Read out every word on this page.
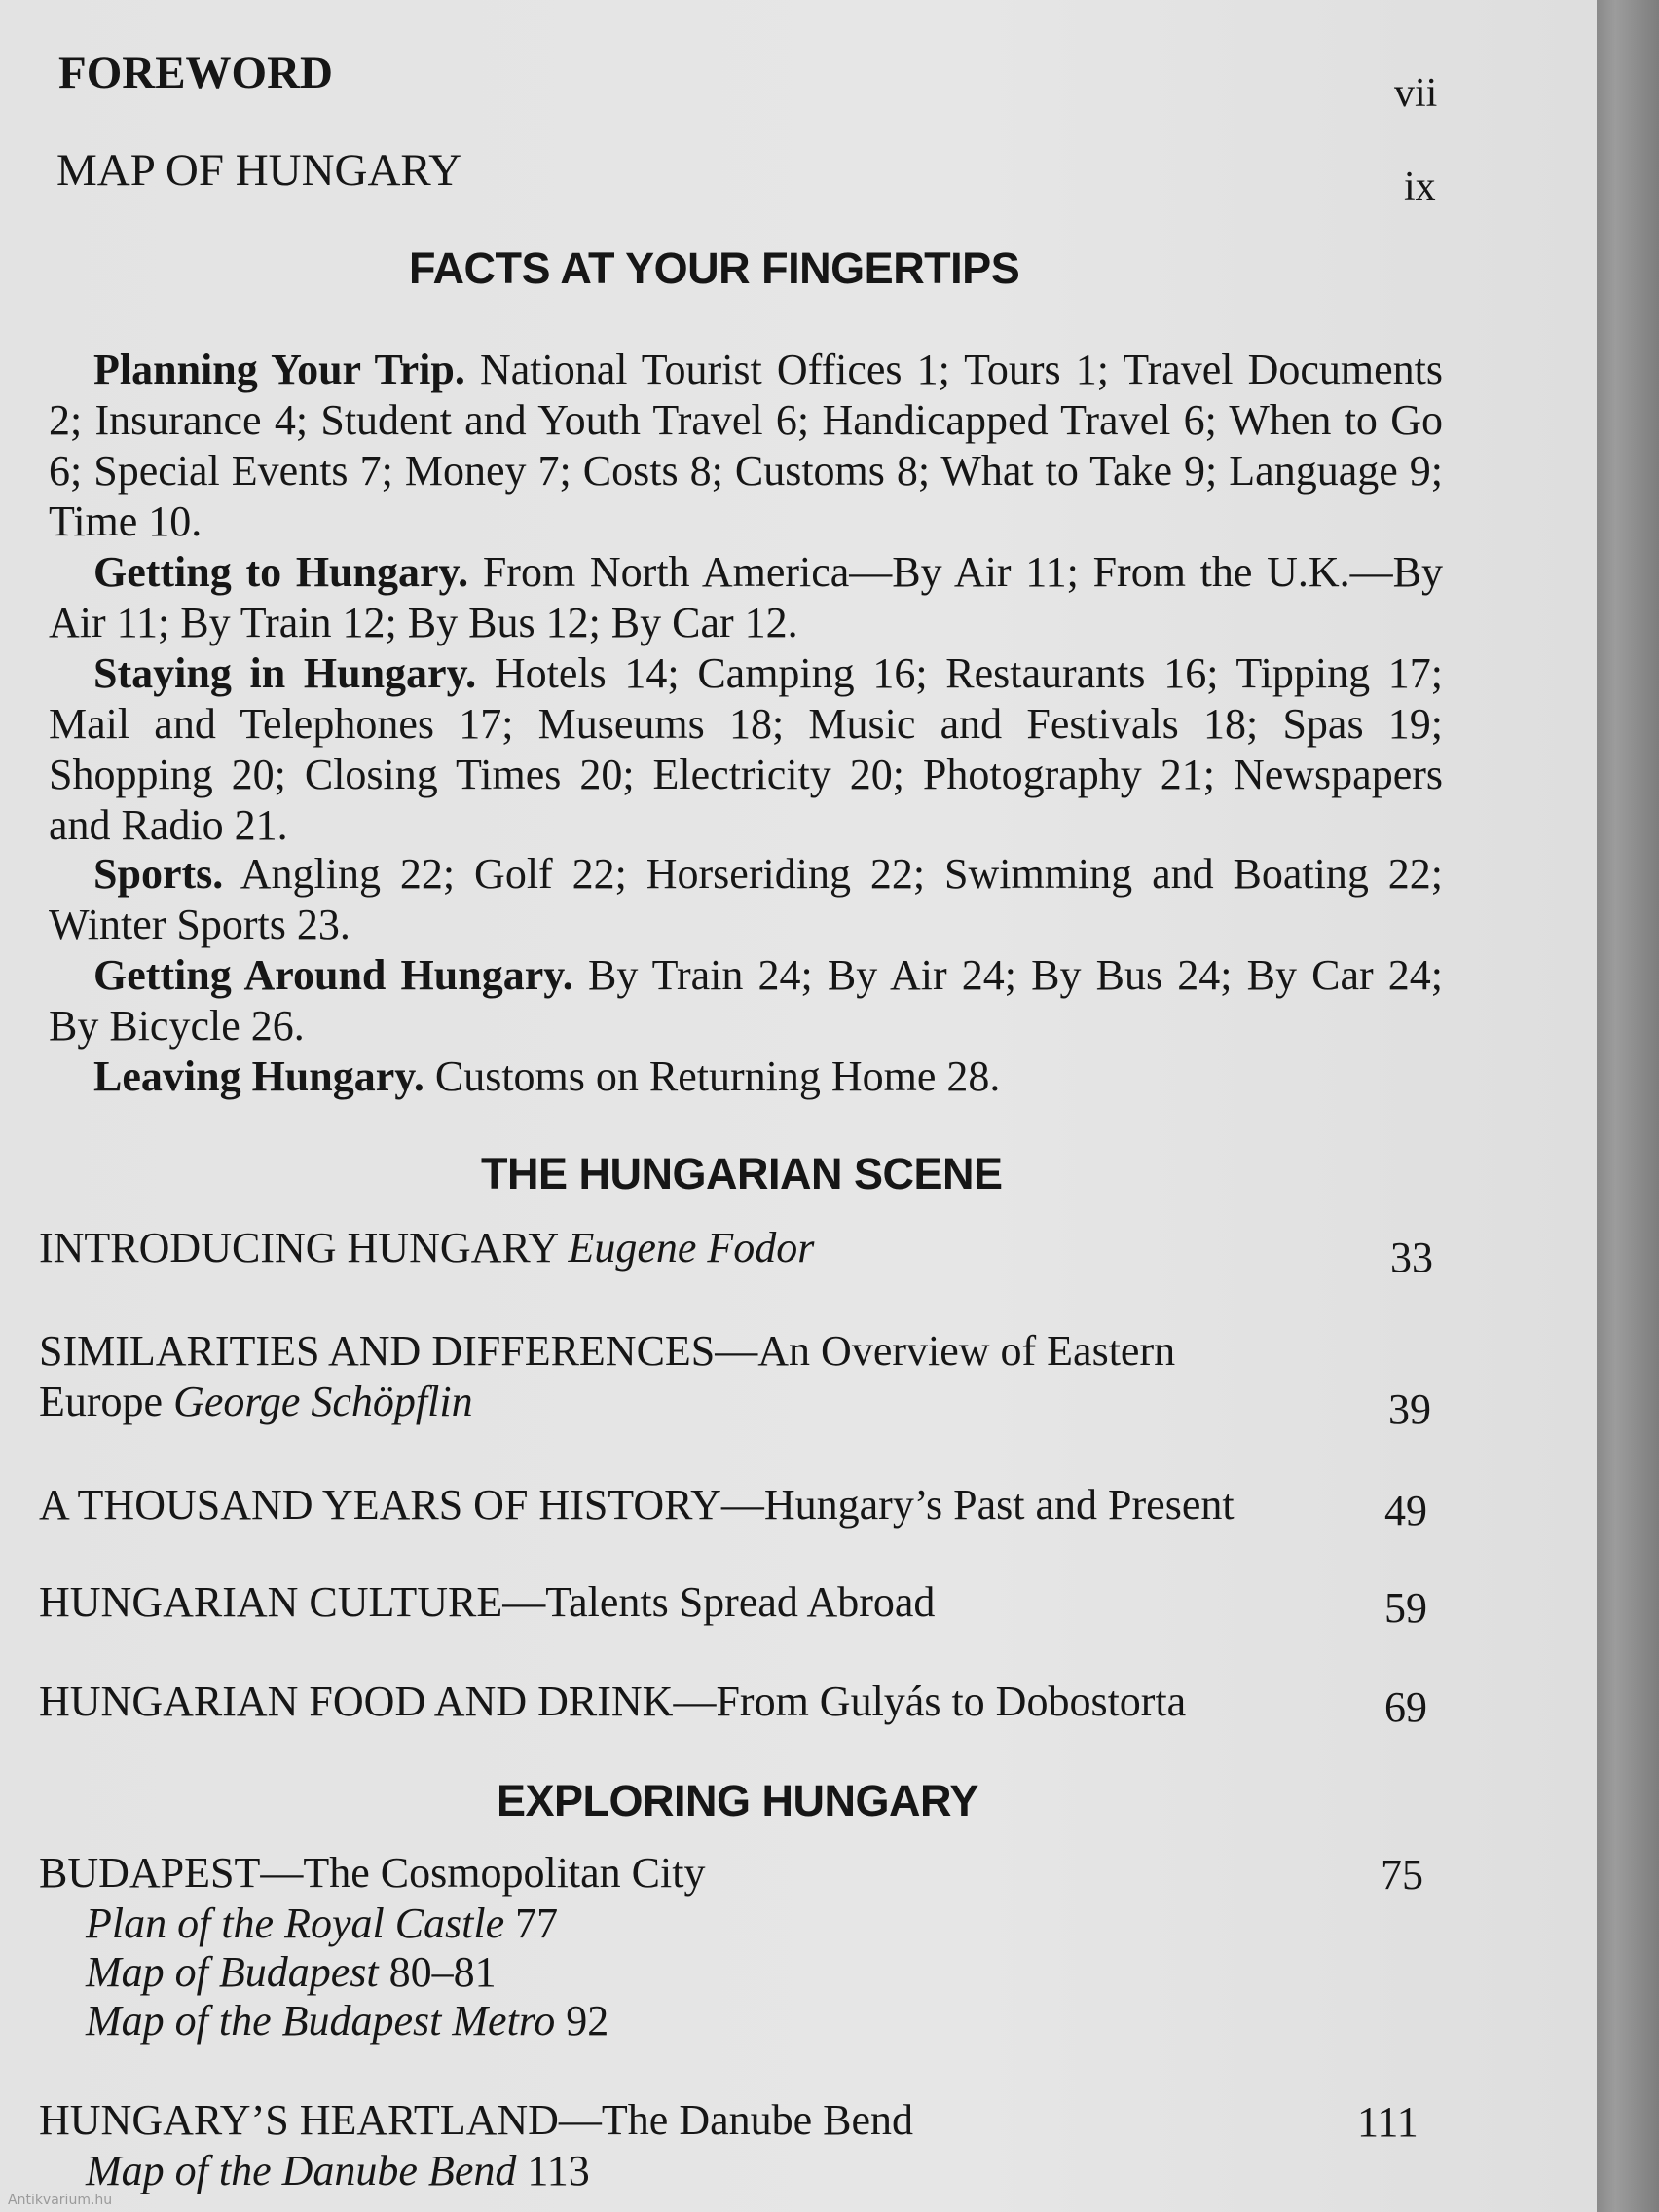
FOREWORD	vii
MAP OF HUNGARY	ix
FACTS AT YOUR FINGERTIPS
Planning Your Trip. National Tourist Offices 1; Tours 1; Travel Documents 2; Insurance 4; Student and Youth Travel 6; Handicapped Travel 6; When to Go 6; Special Events 7; Money 7; Costs 8; Customs 8; What to Take 9; Language 9; Time 10.
Getting to Hungary. From North America—By Air 11; From the U.K.—By Air 11; By Train 12; By Bus 12; By Car 12.
Staying in Hungary. Hotels 14; Camping 16; Restaurants 16; Tipping 17; Mail and Telephones 17; Museums 18; Music and Festivals 18; Spas 19; Shopping 20; Closing Times 20; Electricity 20; Photography 21; Newspapers and Radio 21.
Sports. Angling 22; Golf 22; Horseriding 22; Swimming and Boating 22; Winter Sports 23.
Getting Around Hungary. By Train 24; By Air 24; By Bus 24; By Car 24; By Bicycle 26.
Leaving Hungary. Customs on Returning Home 28.
THE HUNGARIAN SCENE
INTRODUCING HUNGARY Eugene Fodor	33
SIMILARITIES AND DIFFERENCES—An Overview of Eastern
Europe George Schöpflin	39
A THOUSAND YEARS OF HISTORY—Hungary’s Past and Present	49
HUNGARIAN CULTURE—Talents Spread Abroad	59
HUNGARIAN FOOD AND DRINK—From Gulyás to Dobostorta	69
EXPLORING HUNGARY
BUDAPEST—The Cosmopolitan City	75
Plan of the Royal Castle 77
Map of Budapest 80–81
Map of the Budapest Metro 92
HUNGARY’S HEARTLAND—The Danube Bend	111
Map of the Danube Bend 113
Antikvarium.hu
